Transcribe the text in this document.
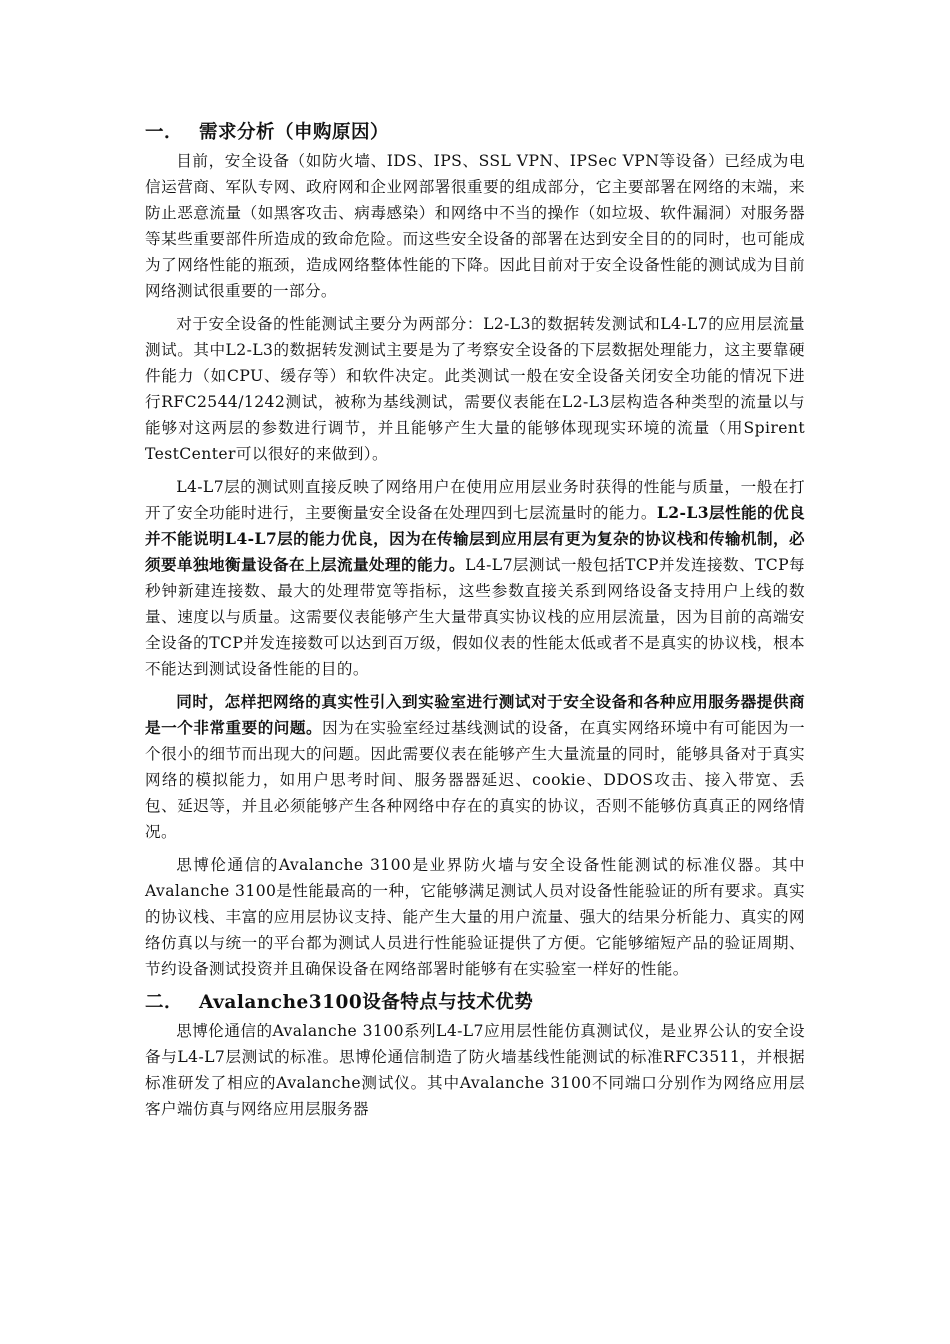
一． 需求分析（申购原因）

目前，安全设备（如防火墙、IDS、IPS、SSL VPN、IPSec VPN等设备）已经成为电信运营商、军队专网、政府网和企业网部署很重要的组成部分，它主要部署在网络的末端，来防止恶意流量（如黑客攻击、病毒感染）和网络中不当的操作（如垃圾、软件漏洞）对服务器等某些重要部件所造成的致命危险。而这些安全设备的部署在达到安全目的的同时，也可能成为了网络性能的瓶颈，造成网络整体性能的下降。因此目前对于安全设备性能的测试成为目前网络测试很重要的一部分。

对于安全设备的性能测试主要分为两部分：L2-L3的数据转发测试和L4-L7的应用层流量测试。其中L2-L3的数据转发测试主要是为了考察安全设备的下层数据处理能力，这主要靠硬件能力（如CPU、缓存等）和软件决定。此类测试一般在安全设备关闭安全功能的情况下进行RFC2544/1242测试，被称为基线测试，需要仪表能在L2-L3层构造各种类型的流量以与能够对这两层的参数进行调节，并且能够产生大量的能够体现现实环境的流量（用Spirent TestCenter可以很好的来做到）。

L4-L7层的测试则直接反映了网络用户在使用应用层业务时获得的性能与质量，一般在打开了安全功能时进行，主要衡量安全设备在处理四到七层流量时的能力。L2-L3层性能的优良并不能说明L4-L7层的能力优良，因为在传输层到应用层有更为复杂的协议栈和传输机制，必须要单独地衡量设备在上层流量处理的能力。L4-L7层测试一般包括TCP并发连接数、TCP每秒钟新建连接数、最大的处理带宽等指标，这些参数直接关系到网络设备支持用户上线的数量、速度以与质量。这需要仪表能够产生大量带真实协议栈的应用层流量，因为目前的高端安全设备的TCP并发连接数可以达到百万级，假如仪表的性能太低或者不是真实的协议栈，根本不能达到测试设备性能的目的。

同时，怎样把网络的真实性引入到实验室进行测试对于安全设备和各种应用服务器提供商是一个非常重要的问题。因为在实验室经过基线测试的设备，在真实网络环境中有可能因为一个很小的细节而出现大的问题。因此需要仪表在能够产生大量流量的同时，能够具备对于真实网络的模拟能力，如用户思考时间、服务器器延迟、cookie、DDOS攻击、接入带宽、丢包、延迟等，并且必须能够产生各种网络中存在的真实的协议，否则不能够仿真真正的网络情况。

思博伦通信的Avalanche 3100是业界防火墙与安全设备性能测试的标准仪器。其中Avalanche 3100是性能最高的一种，它能够满足测试人员对设备性能验证的所有要求。真实的协议栈、丰富的应用层协议支持、能产生大量的用户流量、强大的结果分析能力、真实的网络仿真以与统一的平台都为测试人员进行性能验证提供了方便。它能够缩短产品的验证周期、节约设备测试投资并且确保设备在网络部署时能够有在实验室一样好的性能。

二． Avalanche3100设备特点与技术优势

思博伦通信的Avalanche 3100系列L4-L7应用层性能仿真测试仪，是业界公认的安全设备与L4-L7层测试的标准。思博伦通信制造了防火墙基线性能测试的标准RFC3511，并根据标准研发了相应的Avalanche测试仪。其中Avalanche 3100不同端口分别作为网络应用层客户端仿真与网络应用层服务器
